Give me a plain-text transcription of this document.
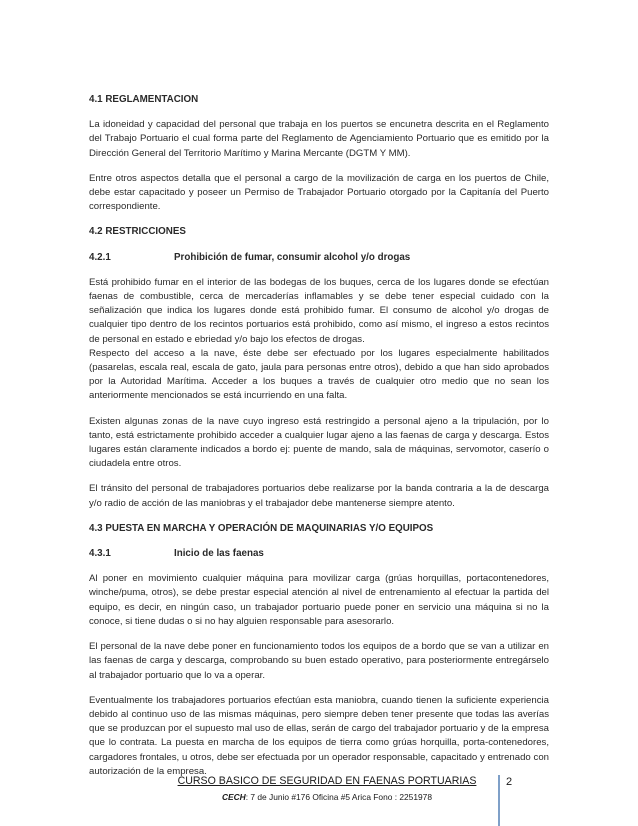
4.1 REGLAMENTACION

La idoneidad y capacidad del personal que trabaja en los puertos se encunetra descrita en el Reglamento del Trabajo Portuario el cual forma parte del Reglamento de Agenciamiento Portuario que es emitido por la Dirección General del Territorio Marítimo y Marina Mercante (DGTM Y MM).

Entre otros aspectos detalla que el personal a cargo de la movilización de carga en los puertos de Chile, debe estar capacitado y poseer un Permiso de Trabajador Portuario otorgado por la Capitanía del Puerto correspondiente.

4.2 RESTRICCIONES

4.2.1	Prohibición de fumar, consumir alcohol y/o drogas

Está prohibido fumar en el interior de las bodegas de los buques, cerca de los lugares donde se efectúan faenas de combustible, cerca de mercaderías inflamables y se debe tener especial cuidado con la señalización que indica los lugares donde está prohibido fumar. El consumo de alcohol y/o drogas de cualquier tipo dentro de los recintos portuarios está prohibido, como así mismo, el ingreso a estos recintos de personal en estado e ebriedad y/o bajo los efectos de drogas.

Respecto del acceso a la nave, éste debe ser efectuado por los lugares especialmente habilitados (pasarelas, escala real, escala de gato, jaula para personas entre otros), debido a que han sido aprobados por la Autoridad Marítima. Acceder a los buques a través de cualquier otro medio que no sean los anteriormente mencionados se está incurriendo en una falta.

Existen algunas zonas de la nave cuyo ingreso está restringido a personal ajeno a la tripulación, por lo tanto, está estrictamente prohibido acceder a cualquier lugar ajeno a las faenas de carga y descarga. Estos lugares están claramente indicados a bordo ej: puente de mando, sala de máquinas, servomotor, caserío o ciudadela entre otros.

El tránsito del personal de trabajadores portuarios debe realizarse por la banda contraria a la de descarga y/o radio de acción de las maniobras y el trabajador debe mantenerse siempre atento.

4.3 PUESTA EN MARCHA Y OPERACIÓN DE MAQUINARIAS Y/O EQUIPOS

4.3.1	Inicio de las faenas

Al poner en movimiento cualquier máquina para movilizar carga (grúas horquillas, portacontenedores, winche/puma, otros), se debe prestar especial atención al nivel de entrenamiento al efectuar la partida del equipo, es decir, en ningún caso, un trabajador portuario puede poner en servicio una máquina si no la conoce, si tiene dudas o si no hay alguien responsable para asesorarlo.

El personal de la nave debe poner en funcionamiento todos los equipos de a bordo que se van a utilizar en las faenas de carga y descarga, comprobando su buen estado operativo, para posteriormente entregárselo al trabajador portuario que lo va a operar.

Eventualmente los trabajadores portuarios efectúan esta maniobra, cuando tienen la suficiente experiencia debido al continuo uso de las mismas máquinas, pero siempre deben tener presente que todas las averías que se produzcan por el supuesto mal uso de ellas, serán de cargo del trabajador portuario y de la empresa que lo contrata. La puesta en marcha de los equipos de tierra como grúas horquilla, porta-contenedores, cargadores frontales, u otros, debe ser efectuada por un operador responsable, capacitado y entrenado con autorización de la empresa.

CURSO BASICO DE SEGURIDAD EN FAENAS PORTUARIAS
CECH: 7 de Junio #176 Oficina #5 Arica Fono : 2251978
2
